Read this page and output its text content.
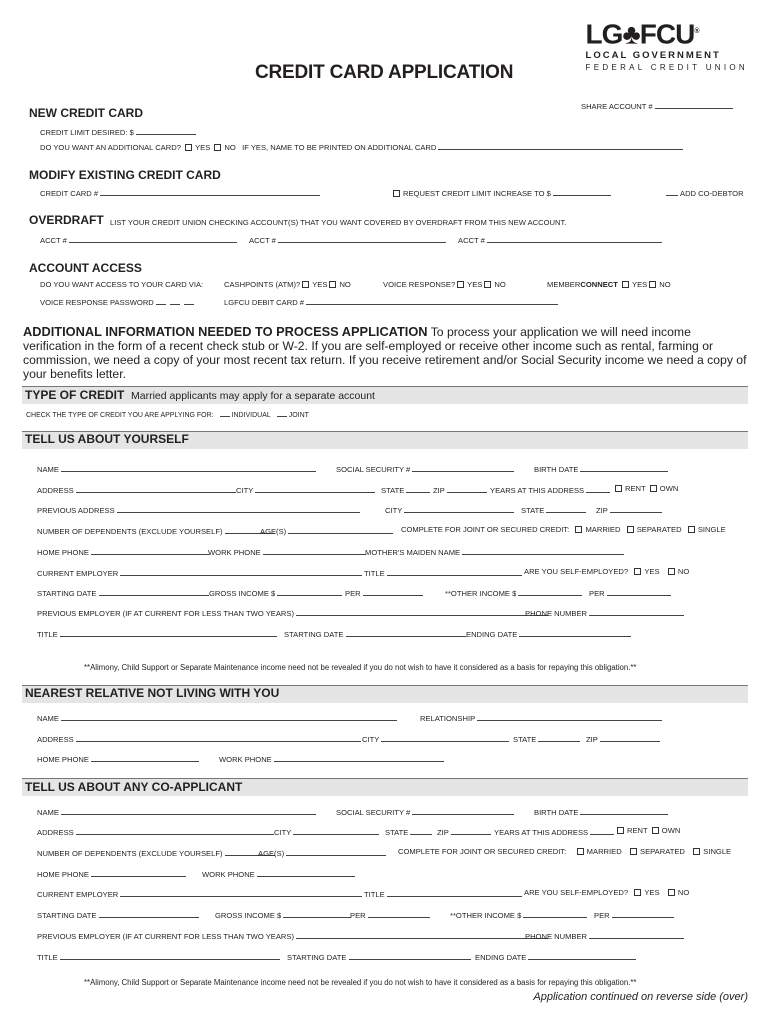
LG♣FCU®
LOCAL GOVERNMENT
FEDERAL CREDIT UNION
CREDIT CARD APPLICATION
SHARE ACCOUNT #
NEW CREDIT CARD
CREDIT LIMIT DESIRED: $
DO YOU WANT AN ADDITIONAL CARD? YES NO IF YES, NAME TO BE PRINTED ON ADDITIONAL CARD
MODIFY EXISTING CREDIT CARD
CREDIT CARD #	REQUEST CREDIT LIMIT INCREASE TO $	ADD CO-DEBTOR
OVERDRAFT LIST YOUR CREDIT UNION CHECKING ACCOUNT(S) THAT YOU WANT COVERED BY OVERDRAFT FROM THIS NEW ACCOUNT.
ACCT #	ACCT #	ACCT #
ACCOUNT ACCESS
DO YOU WANT ACCESS TO YOUR CARD VIA:	CASHPOINTS (ATM)? YES NO	VOICE RESPONSE? YES NO	MEMBERCONNECT YES NO
VOICE RESPONSE PASSWORD	LGFCU DEBIT CARD #
ADDITIONAL INFORMATION NEEDED TO PROCESS APPLICATION To process your application we will need income verification in the form of a recent check stub or W-2. If you are self-employed or receive other income such as rental, farming or commission, we need a copy of your most recent tax return. If you receive retirement and/or Social Security income we need a copy of your benefits letter.
TYPE OF CREDIT Married applicants may apply for a separate account
CHECK THE TYPE OF CREDIT YOU ARE APPLYING FOR:	INDIVIDUAL	JOINT
TELL US ABOUT YOURSELF
NAME	SOCIAL SECURITY #	BIRTH DATE
ADDRESS	CITY	STATE	ZIP	YEARS AT THIS ADDRESS	RENT OWN
PREVIOUS ADDRESS	CITY	STATE	ZIP
NUMBER OF DEPENDENTS (EXCLUDE YOURSELF)	AGE(S)	COMPLETE FOR JOINT OR SECURED CREDIT: MARRIED SEPARATED SINGLE
HOME PHONE	WORK PHONE	MOTHER'S MAIDEN NAME
CURRENT EMPLOYER	TITLE	ARE YOU SELF-EMPLOYED? YES NO
STARTING DATE	GROSS INCOME $	PER	**OTHER INCOME $	PER
PREVIOUS EMPLOYER (IF AT CURRENT FOR LESS THAN TWO YEARS)	PHONE NUMBER
TITLE	STARTING DATE	ENDING DATE
**Alimony, Child Support or Separate Maintenance income need not be revealed if you do not wish to have it considered as a basis for repaying this obligation.**
NEAREST RELATIVE NOT LIVING WITH YOU
NAME	RELATIONSHIP
ADDRESS	CITY	STATE	ZIP
HOME PHONE	WORK PHONE
TELL US ABOUT ANY CO-APPLICANT
NAME	SOCIAL SECURITY #	BIRTH DATE
ADDRESS	CITY	STATE	ZIP	YEARS AT THIS ADDRESS	RENT OWN
NUMBER OF DEPENDENTS (EXCLUDE YOURSELF)	AGE(S)	COMPLETE FOR JOINT OR SECURED CREDIT:	MARRIED SEPARATED SINGLE
HOME PHONE	WORK PHONE
CURRENT EMPLOYER	TITLE	ARE YOU SELF-EMPLOYED? YES NO
STARTING DATE	GROSS INCOME $	PER	**OTHER INCOME $	PER
PREVIOUS EMPLOYER (IF AT CURRENT FOR LESS THAN TWO YEARS)	PHONE NUMBER
TITLE	STARTING DATE	ENDING DATE
**Alimony, Child Support or Separate Maintenance income need not be revealed if you do not wish to have it considered as a basis for repaying this obligation.**
Application continued on reverse side (over)
